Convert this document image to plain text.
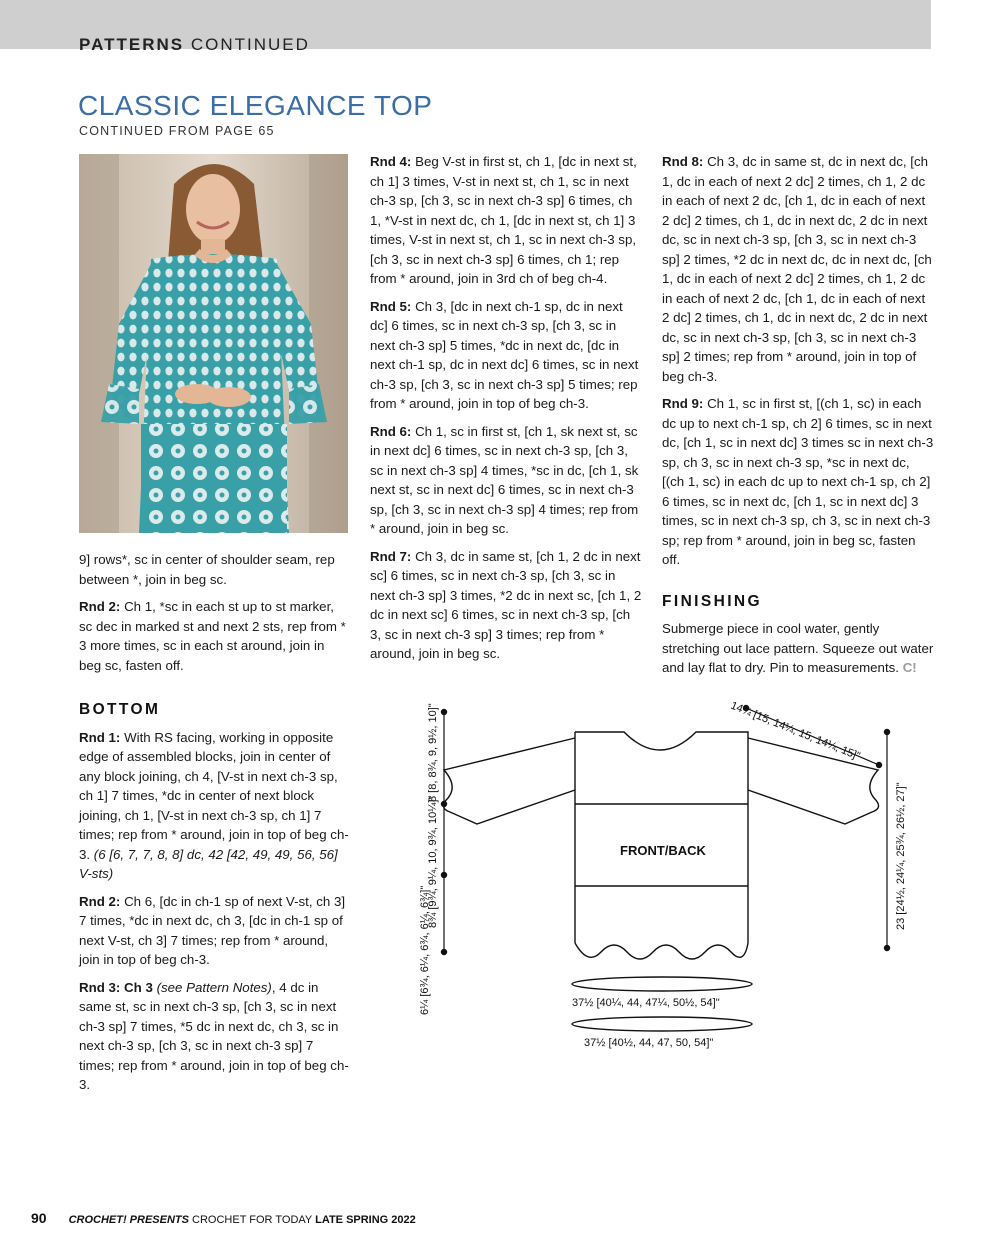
PATTERNS CONTINUED
CLASSIC ELEGANCE TOP
CONTINUED FROM PAGE 65

9] rows*, sc in center of shoulder seam, rep between *, join in beg sc.

Rnd 2: Ch 1, *sc in each st up to st marker, sc dec in marked st and next 2 sts, rep from * 3 more times, sc in each st around, join in beg sc, fasten off.

BOTTOM

Rnd 1: With RS facing, working in opposite edge of assembled blocks, join in center of any block joining, ch 4, [V-st in next ch-3 sp, ch 1] 7 times, *dc in center of next block joining, ch 1, [V-st in next ch-3 sp, ch 1] 7 times; rep from * around, join in top of beg ch-3. (6 [6, 7, 7, 8, 8] dc, 42 [42, 49, 49, 56, 56] V-sts)

Rnd 2: Ch 6, [dc in ch-1 sp of next V-st, ch 3] 7 times, *dc in next dc, ch 3, [dc in ch-1 sp of next V-st, ch 3] 7 times; rep from * around, join in top of beg ch-3.

Rnd 3: Ch 3 (see Pattern Notes), 4 dc in same st, sc in next ch-3 sp, [ch 3, sc in next ch-3 sp] 7 times, *5 dc in next dc, ch 3, sc in next ch-3 sp, [ch 3, sc in next ch-3 sp] 7 times; rep from * around, join in top of beg ch-3.

Rnd 4: Beg V-st in first st, ch 1, [dc in next st, ch 1] 3 times, V-st in next st, ch 1, sc in next ch-3 sp, [ch 3, sc in next ch-3 sp] 6 times, ch 1, *V-st in next dc, ch 1, [dc in next st, ch 1] 3 times, V-st in next st, ch 1, sc in next ch-3 sp, [ch 3, sc in next ch-3 sp] 6 times, ch 1; rep from * around, join in 3rd ch of beg ch-4.

Rnd 5: Ch 3, [dc in next ch-1 sp, dc in next dc] 6 times, sc in next ch-3 sp, [ch 3, sc in next ch-3 sp] 5 times, *dc in next dc, [dc in next ch-1 sp, dc in next dc] 6 times, sc in next ch-3 sp, [ch 3, sc in next ch-3 sp] 5 times; rep from * around, join in top of beg ch-3.

Rnd 6: Ch 1, sc in first st, [ch 1, sk next st, sc in next dc] 6 times, sc in next ch-3 sp, [ch 3, sc in next ch-3 sp] 4 times, *sc in dc, [ch 1, sk next st, sc in next dc] 6 times, sc in next ch-3 sp, [ch 3, sc in next ch-3 sp] 4 times; rep from * around, join in beg sc.

Rnd 7: Ch 3, dc in same st, [ch 1, 2 dc in next sc] 6 times, sc in next ch-3 sp, [ch 3, sc in next ch-3 sp] 3 times, *2 dc in next sc, [ch 1, 2 dc in next sc] 6 times, sc in next ch-3 sp, [ch 3, sc in next ch-3 sp] 3 times; rep from * around, join in beg sc.

Rnd 8: Ch 3, dc in same st, dc in next dc, [ch 1, dc in each of next 2 dc] 2 times, ch 1, 2 dc in each of next 2 dc, [ch 1, dc in each of next 2 dc] 2 times, ch 1, dc in next dc, 2 dc in next dc, sc in next ch-3 sp, [ch 3, sc in next ch-3 sp] 2 times, *2 dc in next dc, dc in next dc, [ch 1, dc in each of next 2 dc] 2 times, ch 1, 2 dc in each of next 2 dc, [ch 1, dc in each of next 2 dc] 2 times, ch 1, dc in next dc, 2 dc in next dc, sc in next ch-3 sp, [ch 3, sc in next ch-3 sp] 2 times; rep from * around, join in top of beg ch-3.

Rnd 9: Ch 1, sc in first st, [(ch 1, sc) in each dc up to next ch-1 sp, ch 2] 6 times, sc in next dc, [ch 1, sc in next dc] 3 times sc in next ch-3 sp, ch 3, sc in next ch-3 sp, *sc in next dc, [(ch 1, sc) in each dc up to next ch-1 sp, ch 2] 6 times, sc in next dc, [ch 1, sc in next dc] 3 times, sc in next ch-3 sp, ch 3, sc in next ch-3 sp; rep from * around, join in beg sc, fasten off.

FINISHING

Submerge piece in cool water, gently stretching out lace pattern. Squeeze out water and lay flat to dry. Pin to measurements. C!

FRONT/BACK
14¼ [15, 14¼, 15, 14¼, 15]"
8 [8, 8¾, 9, 9½, 10]"
8¾ [9¾, 9¼, 10, 9¾, 10¼]"
6¼ [6¾, 6¼, 6¾, 6¼, 6¾]"
23 [24½, 24¼, 25¾, 26½, 27]"
37½ [40¼, 44, 47¼, 50½, 54]"
37½ [40½, 44, 47, 50, 54]"
90 CROCHET! PRESENTS CROCHET FOR TODAY LATE SPRING 2022
